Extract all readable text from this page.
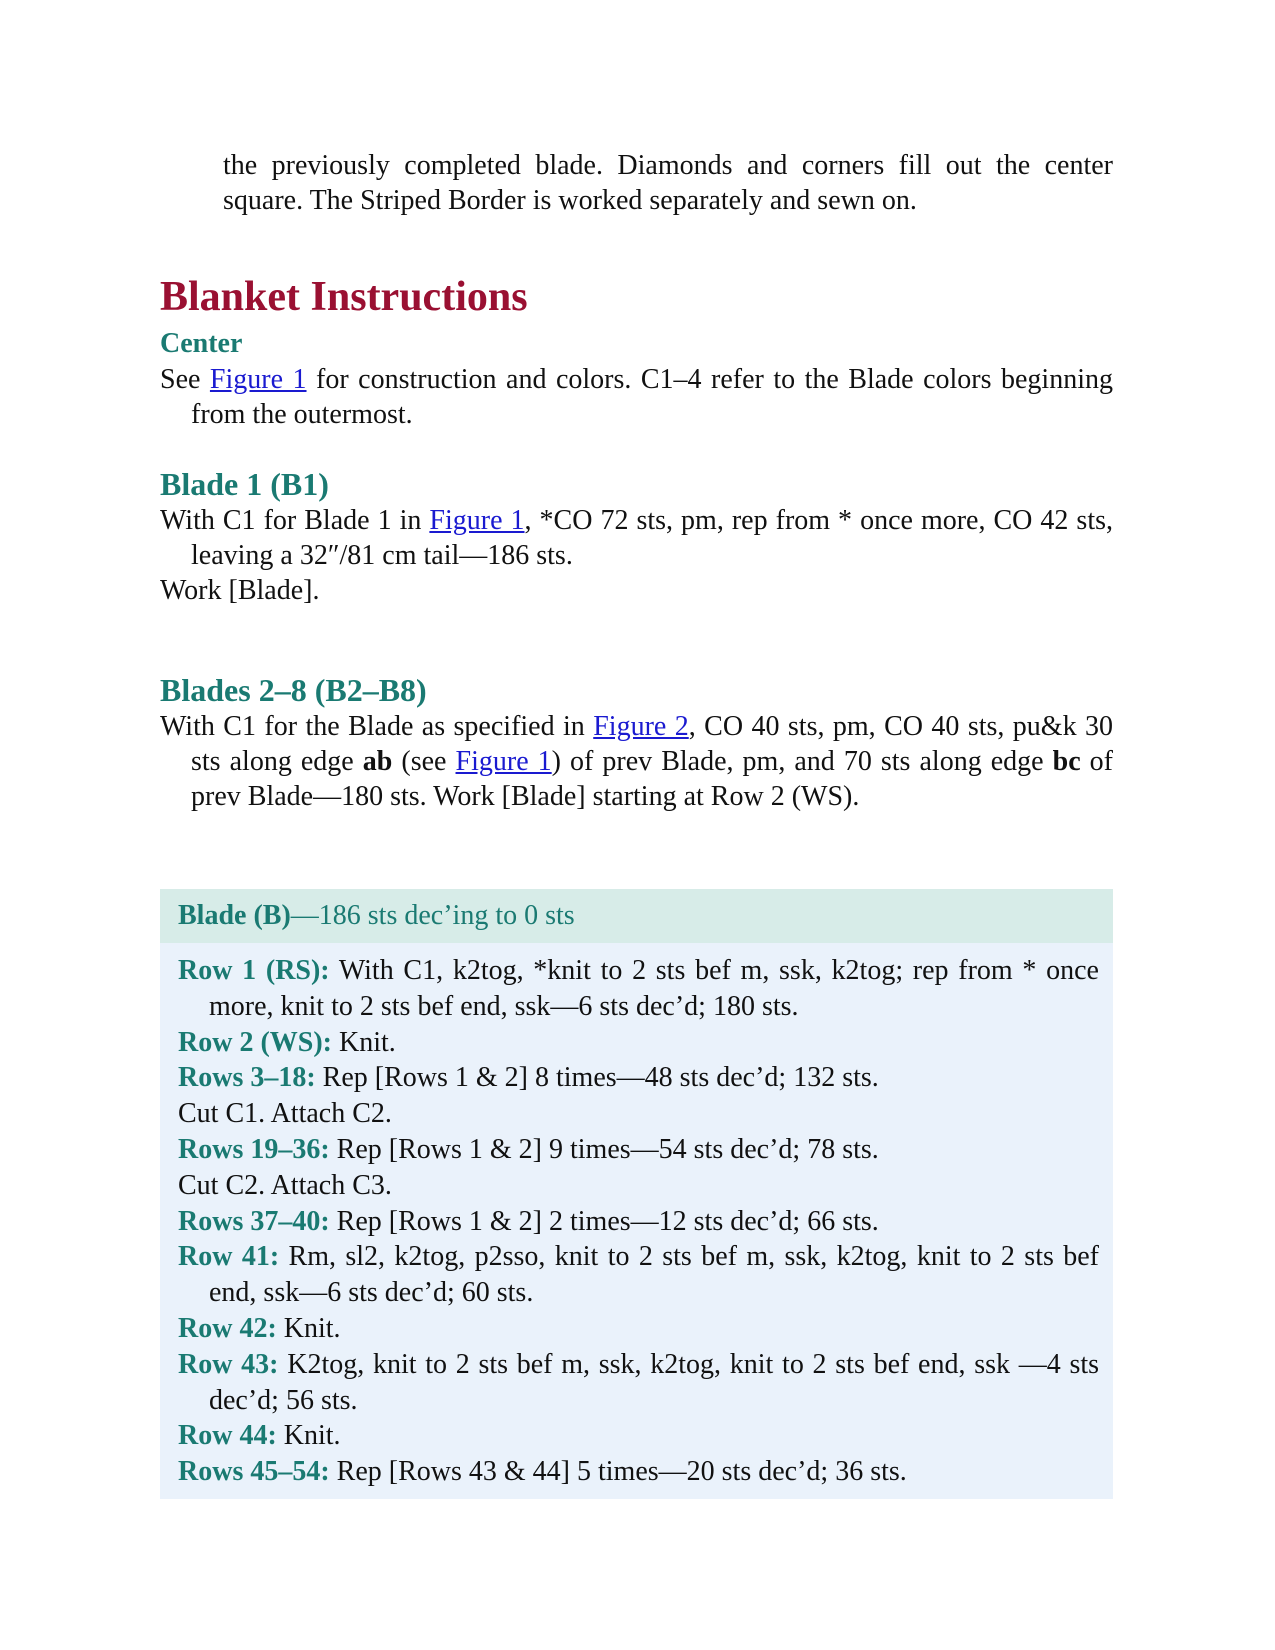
the previously completed blade. Diamonds and corners fill out the center square. The Striped Border is worked separately and sewn on.

Blanket Instructions
Center

See Figure 1 for construction and colors. C1–4 refer to the Blade colors beginning from the outermost.

Blade 1 (B1)

With C1 for Blade 1 in Figure 1, *CO 72 sts, pm, rep from * once more, CO 42 sts, leaving a 32″/81 cm tail—186 sts.

Work [Blade].

Blades 2–8 (B2–B8)

With C1 for the Blade as specified in Figure 2, CO 40 sts, pm, CO 40 sts, pu&k 30 sts along edge ab (see Figure 1) of prev Blade, pm, and 70 sts along edge bc of prev Blade—180 sts. Work [Blade] starting at Row 2 (WS).

Blade (B)—186 sts dec’ing to 0 sts

Row 1 (RS): With C1, k2tog, *knit to 2 sts bef m, ssk, k2tog; rep from * once more, knit to 2 sts bef end, ssk—6 sts dec’d; 180 sts.

Row 2 (WS): Knit.

Rows 3–18: Rep [Rows 1 & 2] 8 times—48 sts dec’d; 132 sts.

Cut C1. Attach C2.

Rows 19–36: Rep [Rows 1 & 2] 9 times—54 sts dec’d; 78 sts.

Cut C2. Attach C3.

Rows 37–40: Rep [Rows 1 & 2] 2 times—12 sts dec’d; 66 sts.

Row 41: Rm, sl2, k2tog, p2sso, knit to 2 sts bef m, ssk, k2tog, knit to 2 sts bef end, ssk—6 sts dec’d; 60 sts.

Row 42: Knit.

Row 43: K2tog, knit to 2 sts bef m, ssk, k2tog, knit to 2 sts bef end, ssk —4 sts dec’d; 56 sts.

Row 44: Knit.

Rows 45–54: Rep [Rows 43 & 44] 5 times—20 sts dec’d; 36 sts.
